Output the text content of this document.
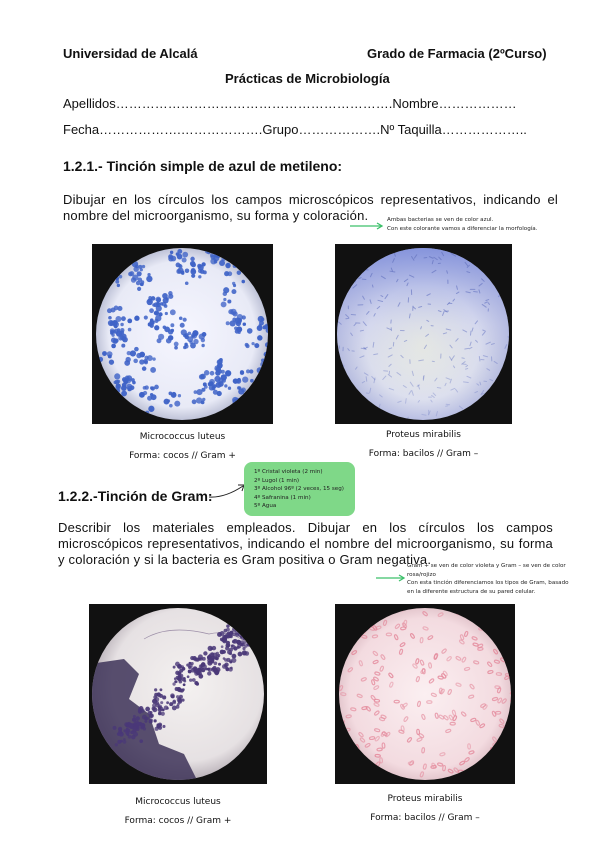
Universidad de Alcalá	Grado de Farmacia (2ºCurso)
Prácticas de Microbiología
Apellidos……………………………………………………….Nombre………………
Fecha……………….……………….Grupo……………….Nº Taquilla………………..
1.2.1.- Tinción simple de azul de metileno:
Dibujar en los círculos los campos microscópicos representativos, indicando el
nombre del microorganismo, su forma y coloración.	Ambas bacterias se ven de color azul.
Con este colorante vamos a diferenciar la morfología.
Micrococcus luteus
Forma: cocos // Gram +
Proteus mirabilis
Forma: bacilos // Gram –
1.2.2.-Tinción de Gram:
1º Cristal violeta (2 min)
2º Lugol (1 min)
3º Alcohol 96º (2 veces, 15 seg)
4º Safranina (1 min)
5º Agua
Describir los materiales empleados. Dibujar en los círculos los campos
microscópicos representativos, indicando el nombre del microorganismo, su forma
y coloración y si la bacteria es Gram positiva o Gram negativa.
Gram + se ven de color violeta y Gram – se ven de color
rosa/rojizo
Con esta tinción diferenciamos los tipos de Gram, basado
en la diferente estructura de su pared celular.
Micrococcus luteus
Forma: cocos // Gram +
Proteus mirabilis
Forma: bacilos // Gram –
